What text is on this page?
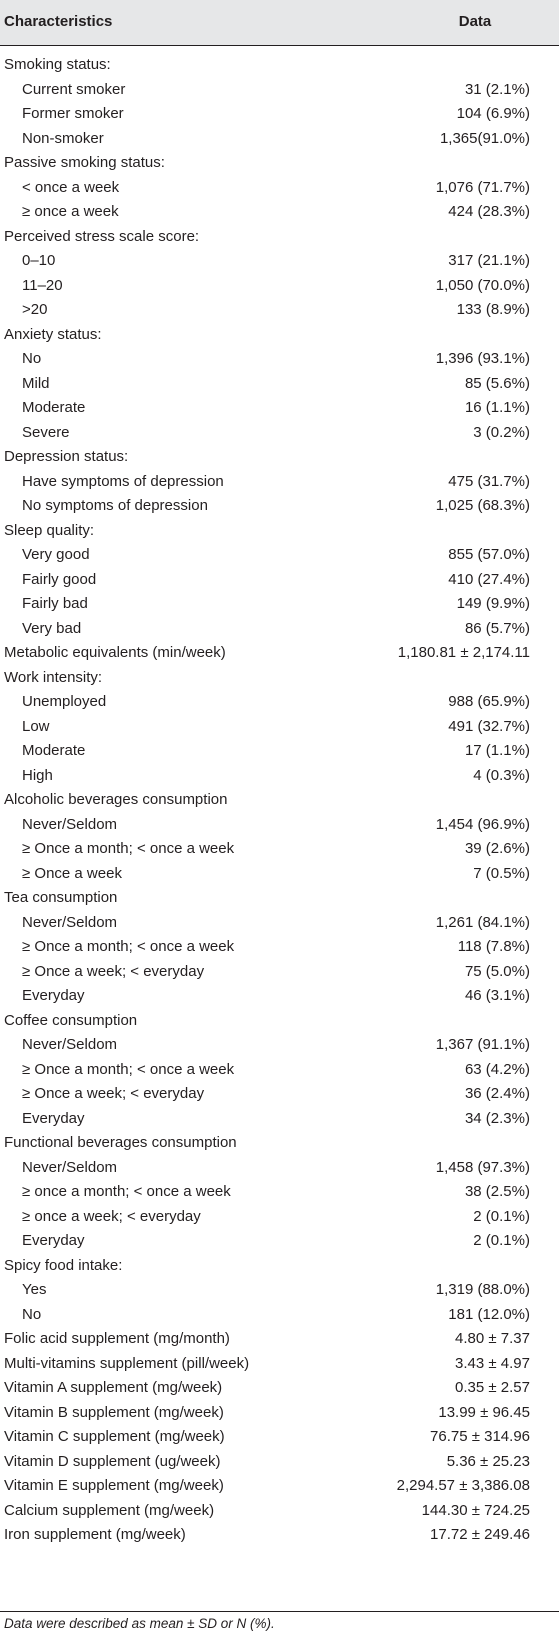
Characteristics	Data
Smoking status:
Current smoker	31 (2.1%)
Former smoker	104 (6.9%)
Non-smoker	1,365(91.0%)
Passive smoking status:
< once a week	1,076 (71.7%)
≥ once a week	424 (28.3%)
Perceived stress scale score:
0–10	317 (21.1%)
11–20	1,050 (70.0%)
>20	133 (8.9%)
Anxiety status:
No	1,396 (93.1%)
Mild	85 (5.6%)
Moderate	16 (1.1%)
Severe	3 (0.2%)
Depression status:
Have symptoms of depression	475 (31.7%)
No symptoms of depression	1,025 (68.3%)
Sleep quality:
Very good	855 (57.0%)
Fairly good	410 (27.4%)
Fairly bad	149 (9.9%)
Very bad	86 (5.7%)
Metabolic equivalents (min/week)	1,180.81 ± 2,174.11
Work intensity:
Unemployed	988 (65.9%)
Low	491 (32.7%)
Moderate	17 (1.1%)
High	4 (0.3%)
Alcoholic beverages consumption
Never/Seldom	1,454 (96.9%)
≥ Once a month; < once a week	39 (2.6%)
≥ Once a week	7 (0.5%)
Tea consumption
Never/Seldom	1,261 (84.1%)
≥ Once a month; < once a week	118 (7.8%)
≥ Once a week; < everyday	75 (5.0%)
Everyday	46 (3.1%)
Coffee consumption
Never/Seldom	1,367 (91.1%)
≥ Once a month; < once a week	63 (4.2%)
≥ Once a week; < everyday	36 (2.4%)
Everyday	34 (2.3%)
Functional beverages consumption
Never/Seldom	1,458 (97.3%)
≥ once a month; < once a week	38 (2.5%)
≥ once a week; < everyday	2 (0.1%)
Everyday	2 (0.1%)
Spicy food intake:
Yes	1,319 (88.0%)
No	181 (12.0%)
Folic acid supplement (mg/month)	4.80 ± 7.37
Multi-vitamins supplement (pill/week)	3.43 ± 4.97
Vitamin A supplement (mg/week)	0.35 ± 2.57
Vitamin B supplement (mg/week)	13.99 ± 96.45
Vitamin C supplement (mg/week)	76.75 ± 314.96
Vitamin D supplement (ug/week)	5.36 ± 25.23
Vitamin E supplement (mg/week)	2,294.57 ± 3,386.08
Calcium supplement (mg/week)	144.30 ± 724.25
Iron supplement (mg/week)	17.72 ± 249.46
Data were described as mean ± SD or N (%).
